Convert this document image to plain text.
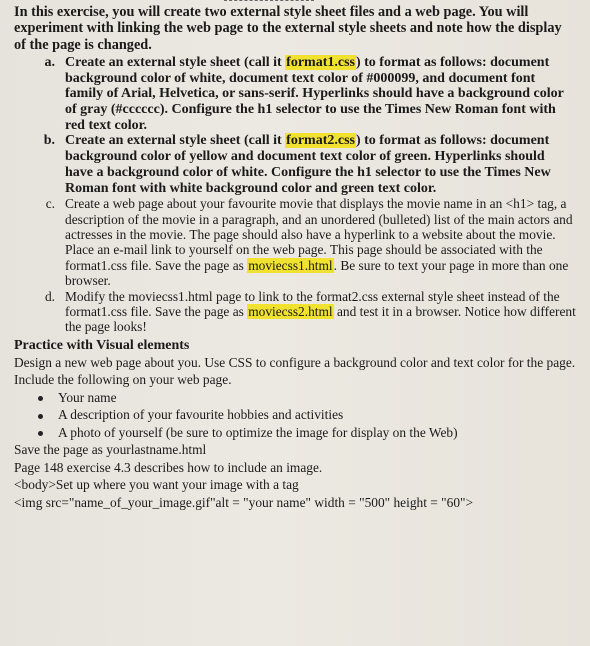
In this exercise, you will create two external style sheet files and a web page. You will experiment with linking the web page to the external style sheets and note how the display of the page is changed.

a. Create an external style sheet (call it format1.css) to format as follows: document background color of white, document text color of #000099, and document font family of Arial, Helvetica, or sans-serif. Hyperlinks should have a background color of gray (#cccccc). Configure the h1 selector to use the Times New Roman font with red text color.
b. Create an external style sheet (call it format2.css) to format as follows: document background color of yellow and document text color of green. Hyperlinks should have a background color of white. Configure the h1 selector to use the Times New Roman font with white background color and green text color.
c. Create a web page about your favourite movie that displays the movie name in an <h1> tag, a description of the movie in a paragraph, and an unordered (bulleted) list of the main actors and actresses in the movie. The page should also have a hyperlink to a website about the movie. Place an e-mail link to yourself on the web page. This page should be associated with the format1.css file. Save the page as moviecss1.html. Be sure to text your page in more than one browser.
d. Modify the moviecss1.html page to link to the format2.css external style sheet instead of the format1.css file. Save the page as moviecss2.html and test it in a browser. Notice how different the page looks!
Practice with Visual elements
Design a new web page about you. Use CSS to configure a background color and text color for the page. Include the following on your web page.
Your name
A description of your favourite hobbies and activities
A photo of yourself (be sure to optimize the image for display on the Web)
Save the page as yourlastname.html
Page 148 exercise 4.3 describes how to include an image.
<body>Set up where you want your image with a tag
<img src="name_of_your_image.gif"alt = "your name" width = "500" height = "60">
